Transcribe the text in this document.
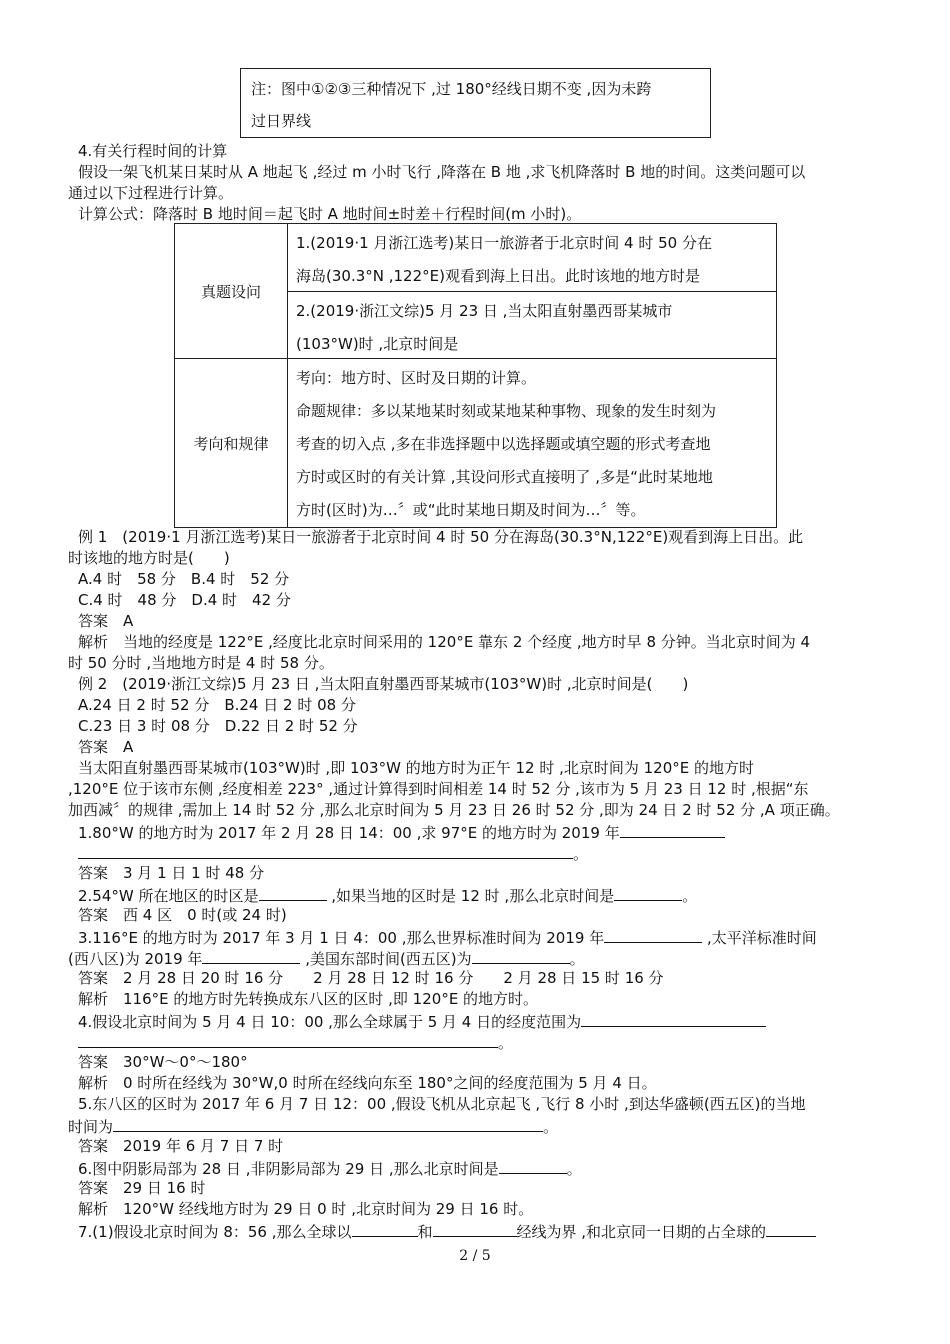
注：图中①②③三种情况下 ,过 180°经线日期不变 ,因为未跨
过日界线
4.有关行程时间的计算
假设一架飞机某日某时从 A 地起飞 ,经过 m 小时飞行 ,降落在 B 地 ,求飞机降落时 B 地的时间。这类问题可以
通过以下过程进行计算。
计算公式：降落时 B 地时间＝起飞时 A 地时间±时差＋行程时间(m 小时)。
真题设问	1.(2019·1 月浙江选考)某日一旅游者于北京时间 4 时 50 分在
海岛(30.3°N ,122°E)观看到海上日出。此时该地的地方时是

	2.(2019·浙江文综)5 月 23 日 ,当太阳直射墨西哥某城市
(103°W)时 ,北京时间是

考向和规律	考向：地方时、区时及日期的计算。
命题规律：多以某地某时刻或某地某种事物、现象的发生时刻为
考查的切入点 ,多在非选择题中以选择题或填空题的形式考查地
方时或区时的有关计算 ,其设问形式直接明了 ,多是“此时某地地
方时(区时)为…〞或“此时某地日期及时间为…〞等。
例 1　(2019·1 月浙江选考)某日一旅游者于北京时间 4 时 50 分在海岛(30.3°N,122°E)观看到海上日出。此
时该地的地方时是(　　)
A.4 时　58 分　B.4 时　52 分
C.4 时　48 分　D.4 时　42 分
答案　A
解析　当地的经度是 122°E ,经度比北京时间采用的 120°E 靠东 2 个经度 ,地方时早 8 分钟。当北京时间为 4
时 50 分时 ,当地地方时是 4 时 58 分。
例 2　(2019·浙江文综)5 月 23 日 ,当太阳直射墨西哥某城市(103°W)时 ,北京时间是(　　)
A.24 日 2 时 52 分　B.24 日 2 时 08 分
C.23 日 3 时 08 分　D.22 日 2 时 52 分
答案　A
当太阳直射墨西哥某城市(103°W)时 ,即 103°W 的地方时为正午 12 时 ,北京时间为 120°E 的地方时
,120°E 位于该市东侧 ,经度相差 223° ,通过计算得到时间相差 14 时 52 分 ,该市为 5 月 23 日 12 时 ,根据“东
加西减〞的规律 ,需加上 14 时 52 分 ,那么北京时间为 5 月 23 日 26 时 52 分 ,即为 24 日 2 时 52 分 ,A 项正确。
1.80°W 的地方时为 2017 年 2 月 28 日 14：00 ,求 97°E 的地方时为 2019 年
。
答案　3 月 1 日 1 时 48 分
2.54°W 所在地区的时区是	,如果当地的区时是 12 时 ,那么北京时间是	。
答案　西 4 区　0 时(或 24 时)
3.116°E 的地方时为 2017 年 3 月 1 日 4：00 ,那么世界标准时间为 2019 年	,太平洋标准时间
(西八区)为 2019 年	,美国东部时间(西五区)为	。
答案　2 月 28 日 20 时 16 分　　2 月 28 日 12 时 16 分　　2 月 28 日 15 时 16 分
解析　116°E 的地方时先转换成东八区的区时 ,即 120°E 的地方时。
4.假设北京时间为 5 月 4 日 10：00 ,那么全球属于 5 月 4 日的经度范围为
。
答案　30°W～0°～180°
解析　0 时所在经线为 30°W,0 时所在经线向东至 180°之间的经度范围为 5 月 4 日。
5.东八区的区时为 2017 年 6 月 7 日 12：00 ,假设飞机从北京起飞 ,飞行 8 小时 ,到达华盛顿(西五区)的当地
时间为	。
答案　2019 年 6 月 7 日 7 时
6.图中阴影局部为 28 日 ,非阴影局部为 29 日 ,那么北京时间是	。
答案　29 日 16 时
解析　120°W 经线地方时为 29 日 0 时 ,北京时间为 29 日 16 时。
7.(1)假设北京时间为 8：56 ,那么全球以	和	经线为界 ,和北京同一日期的占全球的
2 / 5
